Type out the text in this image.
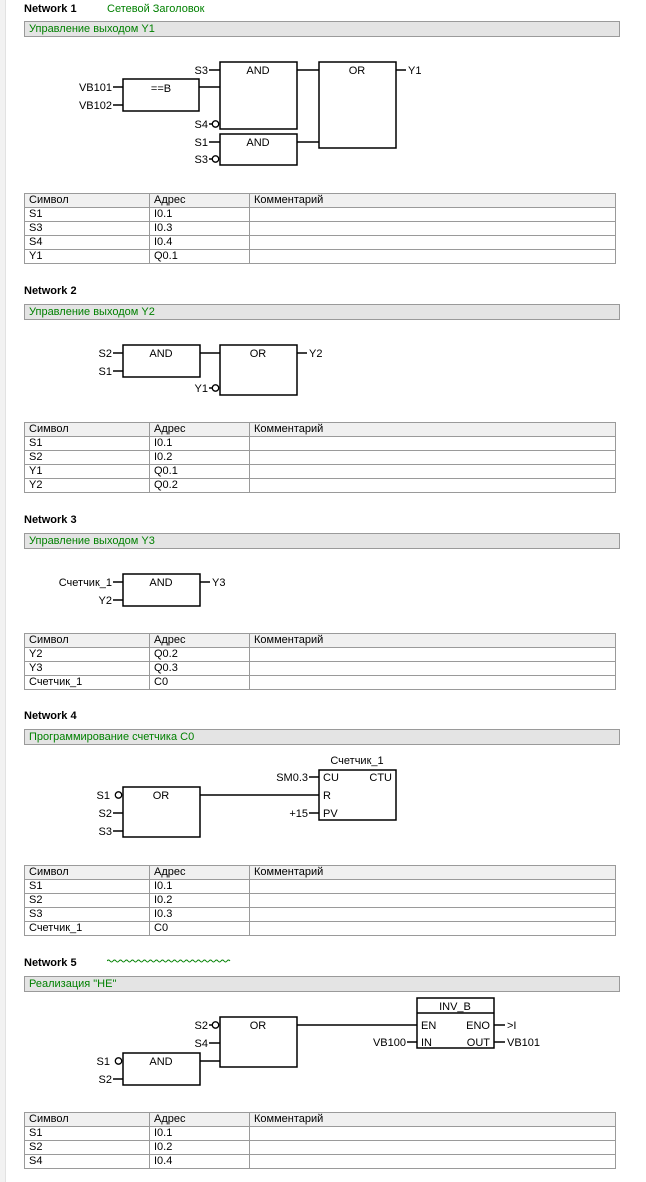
Network 1	Сетевой Заголовок
Управление выходом Y1
==B
VB101
VB102
AND
S3
S4
AND
S1
S3
OR	Y1
Символ	Адрес	Комментарий
S1	I0.1	
S3	I0.3	
S4	I0.4	
Y1	Q0.1	
Network 2
Управление выходом Y2
AND
S2
S1
OR
Y1
Y2
Символ	Адрес	Комментарий
S1	I0.1	
S2	I0.2	
Y1	Q0.1	
Y2	Q0.2	
Network 3
Управление выходом Y3
AND
Счетчик_1
Y2
Y3
Символ	Адрес	Комментарий
Y2	Q0.2	
Y3	Q0.3	
Счетчик_1	C0	
Network 4
Программирование счетчика C0
OR
S1
S2
S3
Счетчик_1
CU	CTU
R
PV
SM0.3
+15
Символ	Адрес	Комментарий
S1	I0.1	
S2	I0.2	
S3	I0.3	
Счетчик_1	C0	
Network 5
Реализация "НЕ"
OR
S2
S4
AND
S1
S2
INV_B
EN	ENO
IN	OUT
>I
VB100	VB101
Символ	Адрес	Комментарий
S1	I0.1	
S2	I0.2	
S4	I0.4	
